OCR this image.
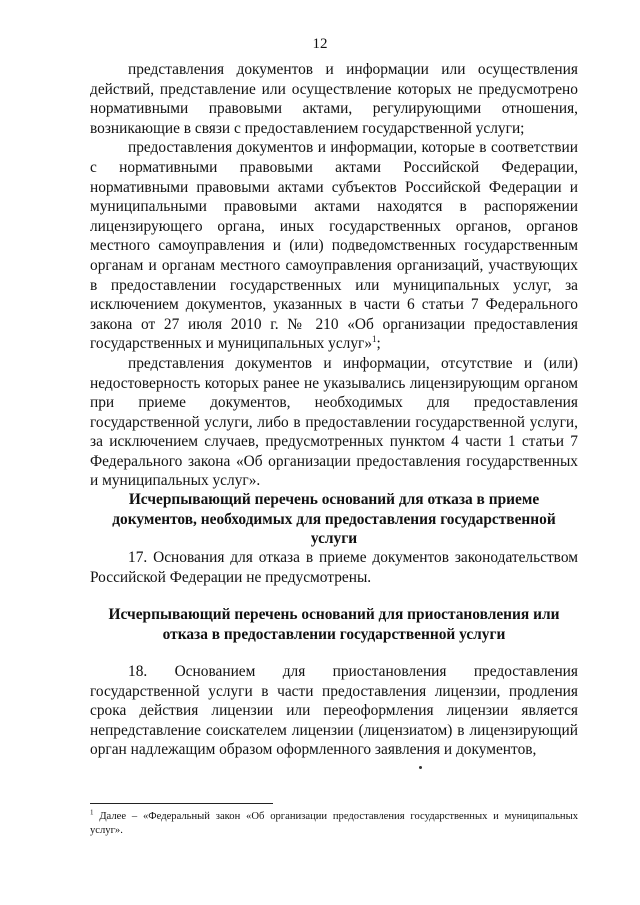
12

представления документов и информации или осуществления действий, представление или осуществление которых не предусмотрено нормативными правовыми актами, регулирующими отношения, возникающие в связи с предоставлением государственной услуги;

предоставления документов и информации, которые в соответствии с нормативными правовыми актами Российской Федерации, нормативными правовыми актами субъектов Российской Федерации и муниципальными правовыми актами находятся в распоряжении лицензирующего органа, иных государственных органов, органов местного самоуправления и (или) подведомственных государственным органам и органам местного самоуправления организаций, участвующих в предоставлении государственных или муниципальных услуг, за исключением документов, указанных в части 6 статьи 7 Федерального закона от 27 июля 2010 г. № 210 «Об организации предоставления государственных и муниципальных услуг»$^1$;

представления документов и информации, отсутствие и (или) недостоверность которых ранее не указывались лицензирующим органом при приеме документов, необходимых для предоставления государственной услуги, либо в предоставлении государственной услуги, за исключением случаев, предусмотренных пунктом 4 части 1 статьи 7 Федерального закона «Об организации предоставления государственных и муниципальных услуг».

Исчерпывающий перечень оснований для отказа в приеме документов, необходимых для предоставления государственной услуги

17. Основания для отказа в приеме документов законодательством Российской Федерации не предусмотрены.

Исчерпывающий перечень оснований для приостановления или отказа в предоставлении государственной услуги

18. Основанием для приостановления предоставления государственной услуги в части предоставления лицензии, продления срока действия лицензии или переоформления лицензии является непредставление соискателем лицензии (лицензиатом) в лицензирующий орган надлежащим образом оформленного заявления и документов,

$^1$ Далее – «Федеральный закон «Об организации предоставления государственных и муниципальных услуг».
